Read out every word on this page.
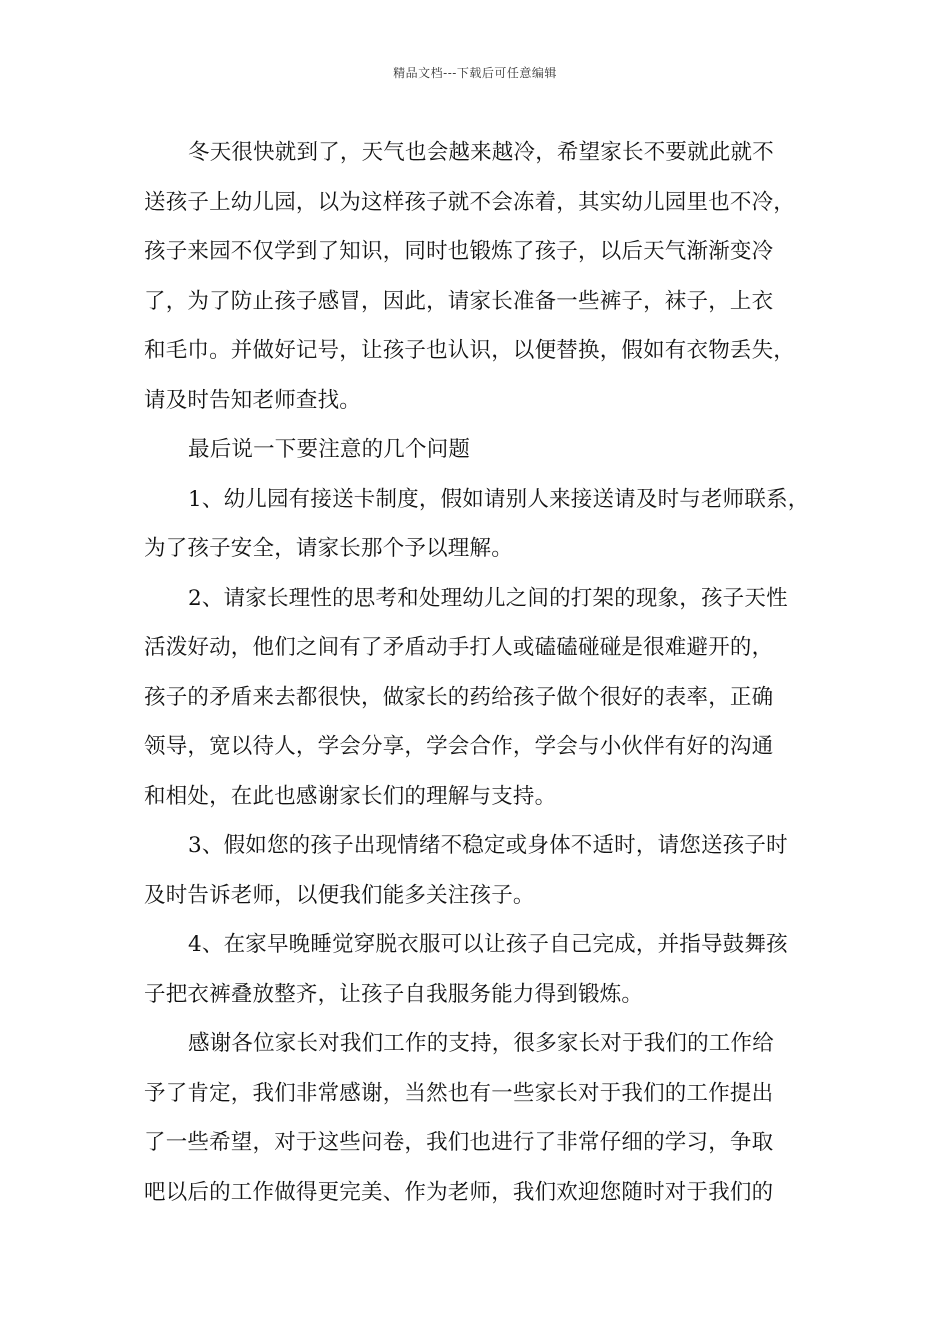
精品文档---下载后可任意编辑
冬天很快就到了，天气也会越来越冷，希望家长不要就此就不
送孩子上幼儿园，以为这样孩子就不会冻着，其实幼儿园里也不冷，
孩子来园不仅学到了知识，同时也锻炼了孩子，以后天气渐渐变冷
了，为了防止孩子感冒，因此，请家长准备一些裤子，袜子，上衣
和毛巾。并做好记号，让孩子也认识，以便替换，假如有衣物丢失，
请及时告知老师查找。
最后说一下要注意的几个问题
1、幼儿园有接送卡制度，假如请别人来接送请及时与老师联系，
为了孩子安全，请家长那个予以理解。
2、请家长理性的思考和处理幼儿之间的打架的现象，孩子天性
活泼好动，他们之间有了矛盾动手打人或磕磕碰碰是很难避开的，
孩子的矛盾来去都很快，做家长的药给孩子做个很好的表率，正确
领导，宽以待人，学会分享，学会合作，学会与小伙伴有好的沟通
和相处，在此也感谢家长们的理解与支持。
3、假如您的孩子出现情绪不稳定或身体不适时，请您送孩子时
及时告诉老师，以便我们能多关注孩子。
4、在家早晚睡觉穿脱衣服可以让孩子自己完成，并指导鼓舞孩
子把衣裤叠放整齐，让孩子自我服务能力得到锻炼。
感谢各位家长对我们工作的支持，很多家长对于我们的工作给
予了肯定，我们非常感谢，当然也有一些家长对于我们的工作提出
了一些希望，对于这些问卷，我们也进行了非常仔细的学习，争取
吧以后的工作做得更完美、作为老师，我们欢迎您随时对于我们的
